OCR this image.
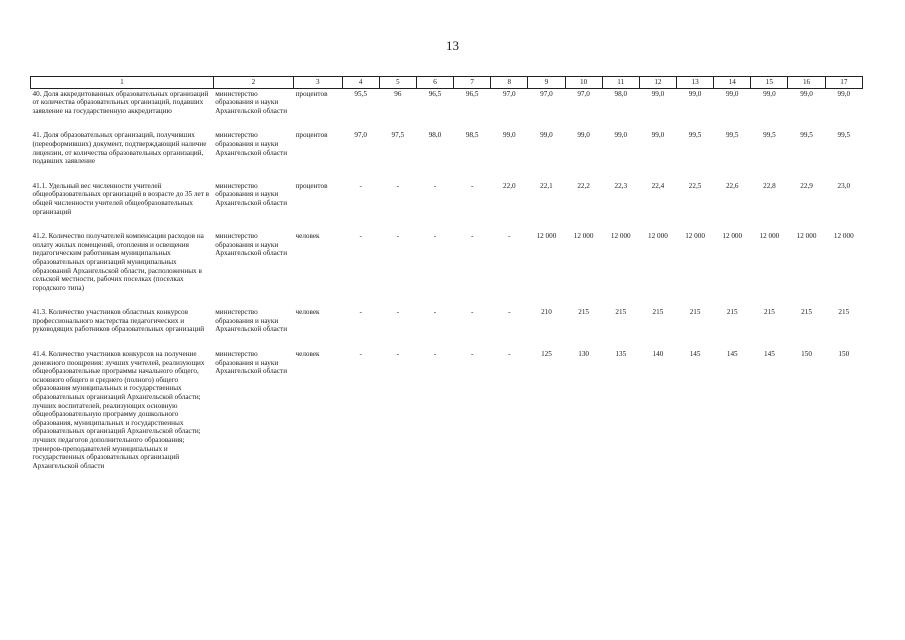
13
1	2	3	4	5	6	7	8	9	10	11	12	13	14	15	16	17
40. Доля аккредитованных образовательных организаций от количества образовательных организаций, подавших заявление на государственную аккредитацию	министерство образования и науки Архангельской области	процентов	95,5	96	96,5	96,5	97,0	97,0	97,0	98,0	99,0	99,0	99,0	99,0	99,0	99,0

41. Доля образовательных организаций, получивших (переоформивших) документ, подтверждающий наличие лицензии, от количества образовательных организаций, подавших заявление	министерство образования и науки Архангельской области	процентов	97,0	97,5	98,0	98,5	99,0	99,0	99,0	99,0	99,0	99,5	99,5	99,5	99,5	99,5

41.1. Удельный вес численности учителей общеобразовательных организаций в возрасте до 35 лет в общей численности учителей общеобразовательных организаций	министерство образования и науки Архангельской области	процентов	-	-	-	-	22,0	22,1	22,2	22,3	22,4	22,5	22,6	22,8	22,9	23,0

41.2. Количество получателей компенсации расходов на оплату жилых помещений, отопления и освещения педагогическим работникам муниципальных образовательных организаций муниципальных образований Архангельской области, расположенных в сельской местности, рабочих поселках (поселках городского типа)	министерство образования и науки Архангельской области	человек	-	-	-	-	-	12 000	12 000	12 000	12 000	12 000	12 000	12 000	12 000	12 000

41.3. Количество участников областных конкурсов профессионального мастерства педагогических и руководящих работников образовательных организаций	министерство образования и науки Архангельской области	человек	-	-	-	-	-	210	215	215	215	215	215	215	215	215

41.4. Количество участников конкурсов на получение денежного поощрения: лучших учителей, реализующих общеобразовательные программы начального общего, основного общего и среднего (полного) общего образования муниципальных и государственных образовательных организаций Архангельской области; лучших воспитателей, реализующих основную общеобразовательную программу дошкольного образования, муниципальных и государственных образовательных организаций Архангельской области; лучших педагогов дополнительного образования; тренеров-преподавателей муниципальных и государственных образовательных организаций Архангельской области	министерство образования и науки Архангельской области	человек	-	-	-	-	-	125	130	135	140	145	145	145	150	150
